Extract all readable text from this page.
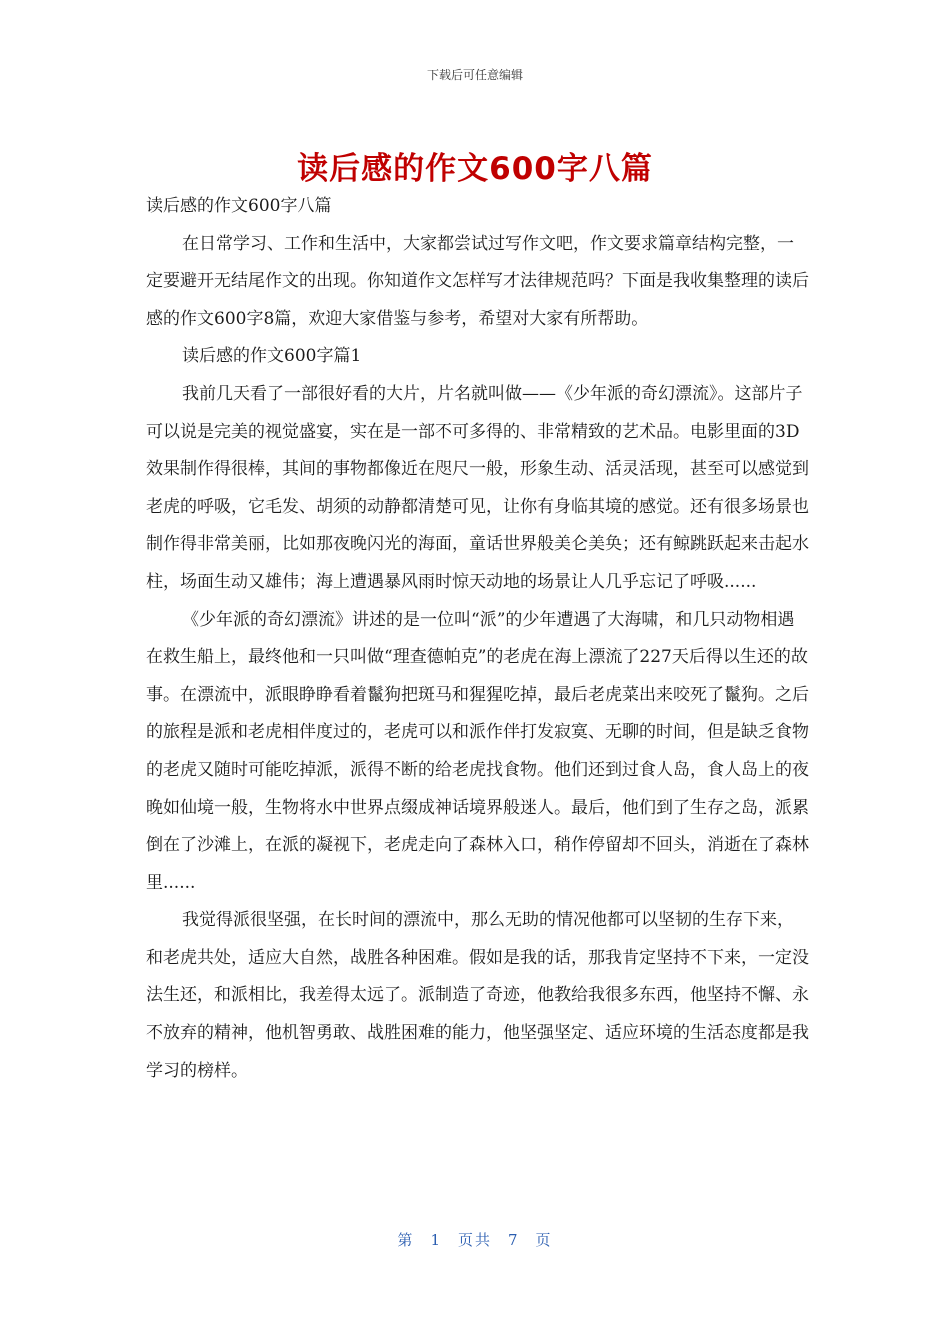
下载后可任意编辑
读后感的作文600字八篇

读后感的作文600字八篇

在日常学习、工作和生活中，大家都尝试过写作文吧，作文要求篇章结构完整，一定要避开无结尾作文的出现。你知道作文怎样写才法律规范吗？下面是我收集整理的读后感的作文600字8篇，欢迎大家借鉴与参考，希望对大家有所帮助。

读后感的作文600字篇1

我前几天看了一部很好看的大片，片名就叫做——《少年派的奇幻漂流》。这部片子可以说是完美的视觉盛宴，实在是一部不可多得的、非常精致的艺术品。电影里面的3D效果制作得很棒，其间的事物都像近在咫尺一般，形象生动、活灵活现，甚至可以感觉到老虎的呼吸，它毛发、胡须的动静都清楚可见，让你有身临其境的感觉。还有很多场景也制作得非常美丽，比如那夜晚闪光的海面，童话世界般美仑美奂；还有鲸跳跃起来击起水柱，场面生动又雄伟；海上遭遇暴风雨时惊天动地的场景让人几乎忘记了呼吸......

《少年派的奇幻漂流》讲述的是一位叫“派”的少年遭遇了大海啸，和几只动物相遇在救生船上，最终他和一只叫做“理查德帕克”的老虎在海上漂流了227天后得以生还的故事。在漂流中，派眼睁睁看着鬣狗把斑马和猩猩吃掉，最后老虎菜出来咬死了鬣狗。之后的旅程是派和老虎相伴度过的，老虎可以和派作伴打发寂寞、无聊的时间，但是缺乏食物的老虎又随时可能吃掉派，派得不断的给老虎找食物。他们还到过食人岛，食人岛上的夜晚如仙境一般，生物将水中世界点缀成神话境界般迷人。最后，他们到了生存之岛，派累倒在了沙滩上，在派的凝视下，老虎走向了森林入口，稍作停留却不回头，消逝在了森林里......

我觉得派很坚强，在长时间的漂流中，那么无助的情况他都可以坚韧的生存下来，和老虎共处，适应大自然，战胜各种困难。假如是我的话，那我肯定坚持不下来，一定没法生还，和派相比，我差得太远了。派制造了奇迹，他教给我很多东西，他坚持不懈、永不放弃的精神，他机智勇敢、战胜困难的能力，他坚强坚定、适应环境的生活态度都是我学习的榜样。

第 1 页共 7 页
